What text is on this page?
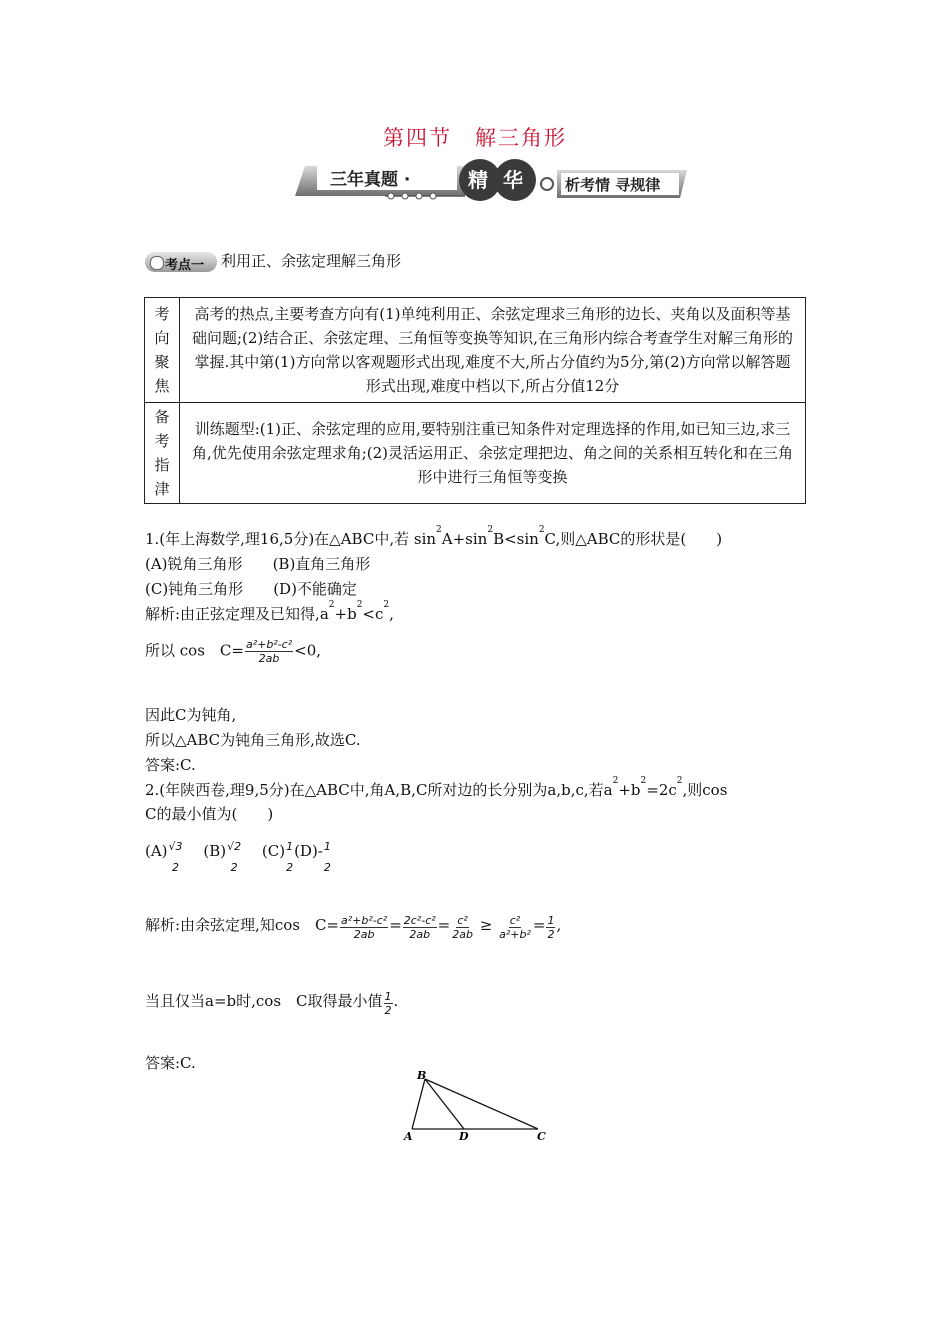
第四节　解三角形
三年真题 ·	精 华	析考情 寻规律
考点一 利用正、余弦定理解三角形
考向聚焦	高考的热点,主要考查方向有(1)单纯利用正、余弦定理求三角形的边长、夹角以及面积等基础问题;(2)结合正、余弦定理、三角恒等变换等知识,在三角形内综合考查学生对解三角形的掌握.其中第(1)方向常以客观题形式出现,难度不大,所占分值约为5分,第(2)方向常以解答题形式出现,难度中档以下,所占分值12分

备考指津	训练题型:(1)正、余弦定理的应用,要特别注重已知条件对定理选择的作用,如已知三边,求三角,优先使用余弦定理求角;(2)灵活运用正、余弦定理把边、角之间的关系相互转化和在三角形中进行三角恒等变换
1.(年上海数学,理16,5分)在△ABC中,若 $\sin^2A+\sin^2B<\sin^2C$,则△ABC的形状是(　　)
(A)锐角三角形　　 (B)直角三角形
(C)钝角三角形　　 (D)不能确定
解析:由正弦定理及已知得$,a^2+b^2<c^2$,
所以 cos　$C= \frac{\text{a²+b²-c²}}{2ab} <0$,
因此C为钝角,
所以△ABC为钝角三角形,故选C.
答案:C.
2.(年陕西卷,理9,5分)在△ABC中,角A,B,C所对边的长分别为a,b,c,若$a^2+b^2=2c^2$,则cos
C的最小值为(　　)
(A) √3
2
　 (B) √2
2
　 (C) 1
2
(D)- 1
2
解析:由余弦定理,知cos　$C= \frac{\text{a²+b²-c²}}{2ab} = \frac{\text{2c²-c²}}{2ab} = \frac{\text{c²}}{2ab} \ge \frac{\text{c²}}{\text{a²+b²}} = \frac{1}{2}$ ,
当且仅当a=b时,cos　C取得最小值 $\frac{1}{2}$ .
答案:C.
B
A	D	C
